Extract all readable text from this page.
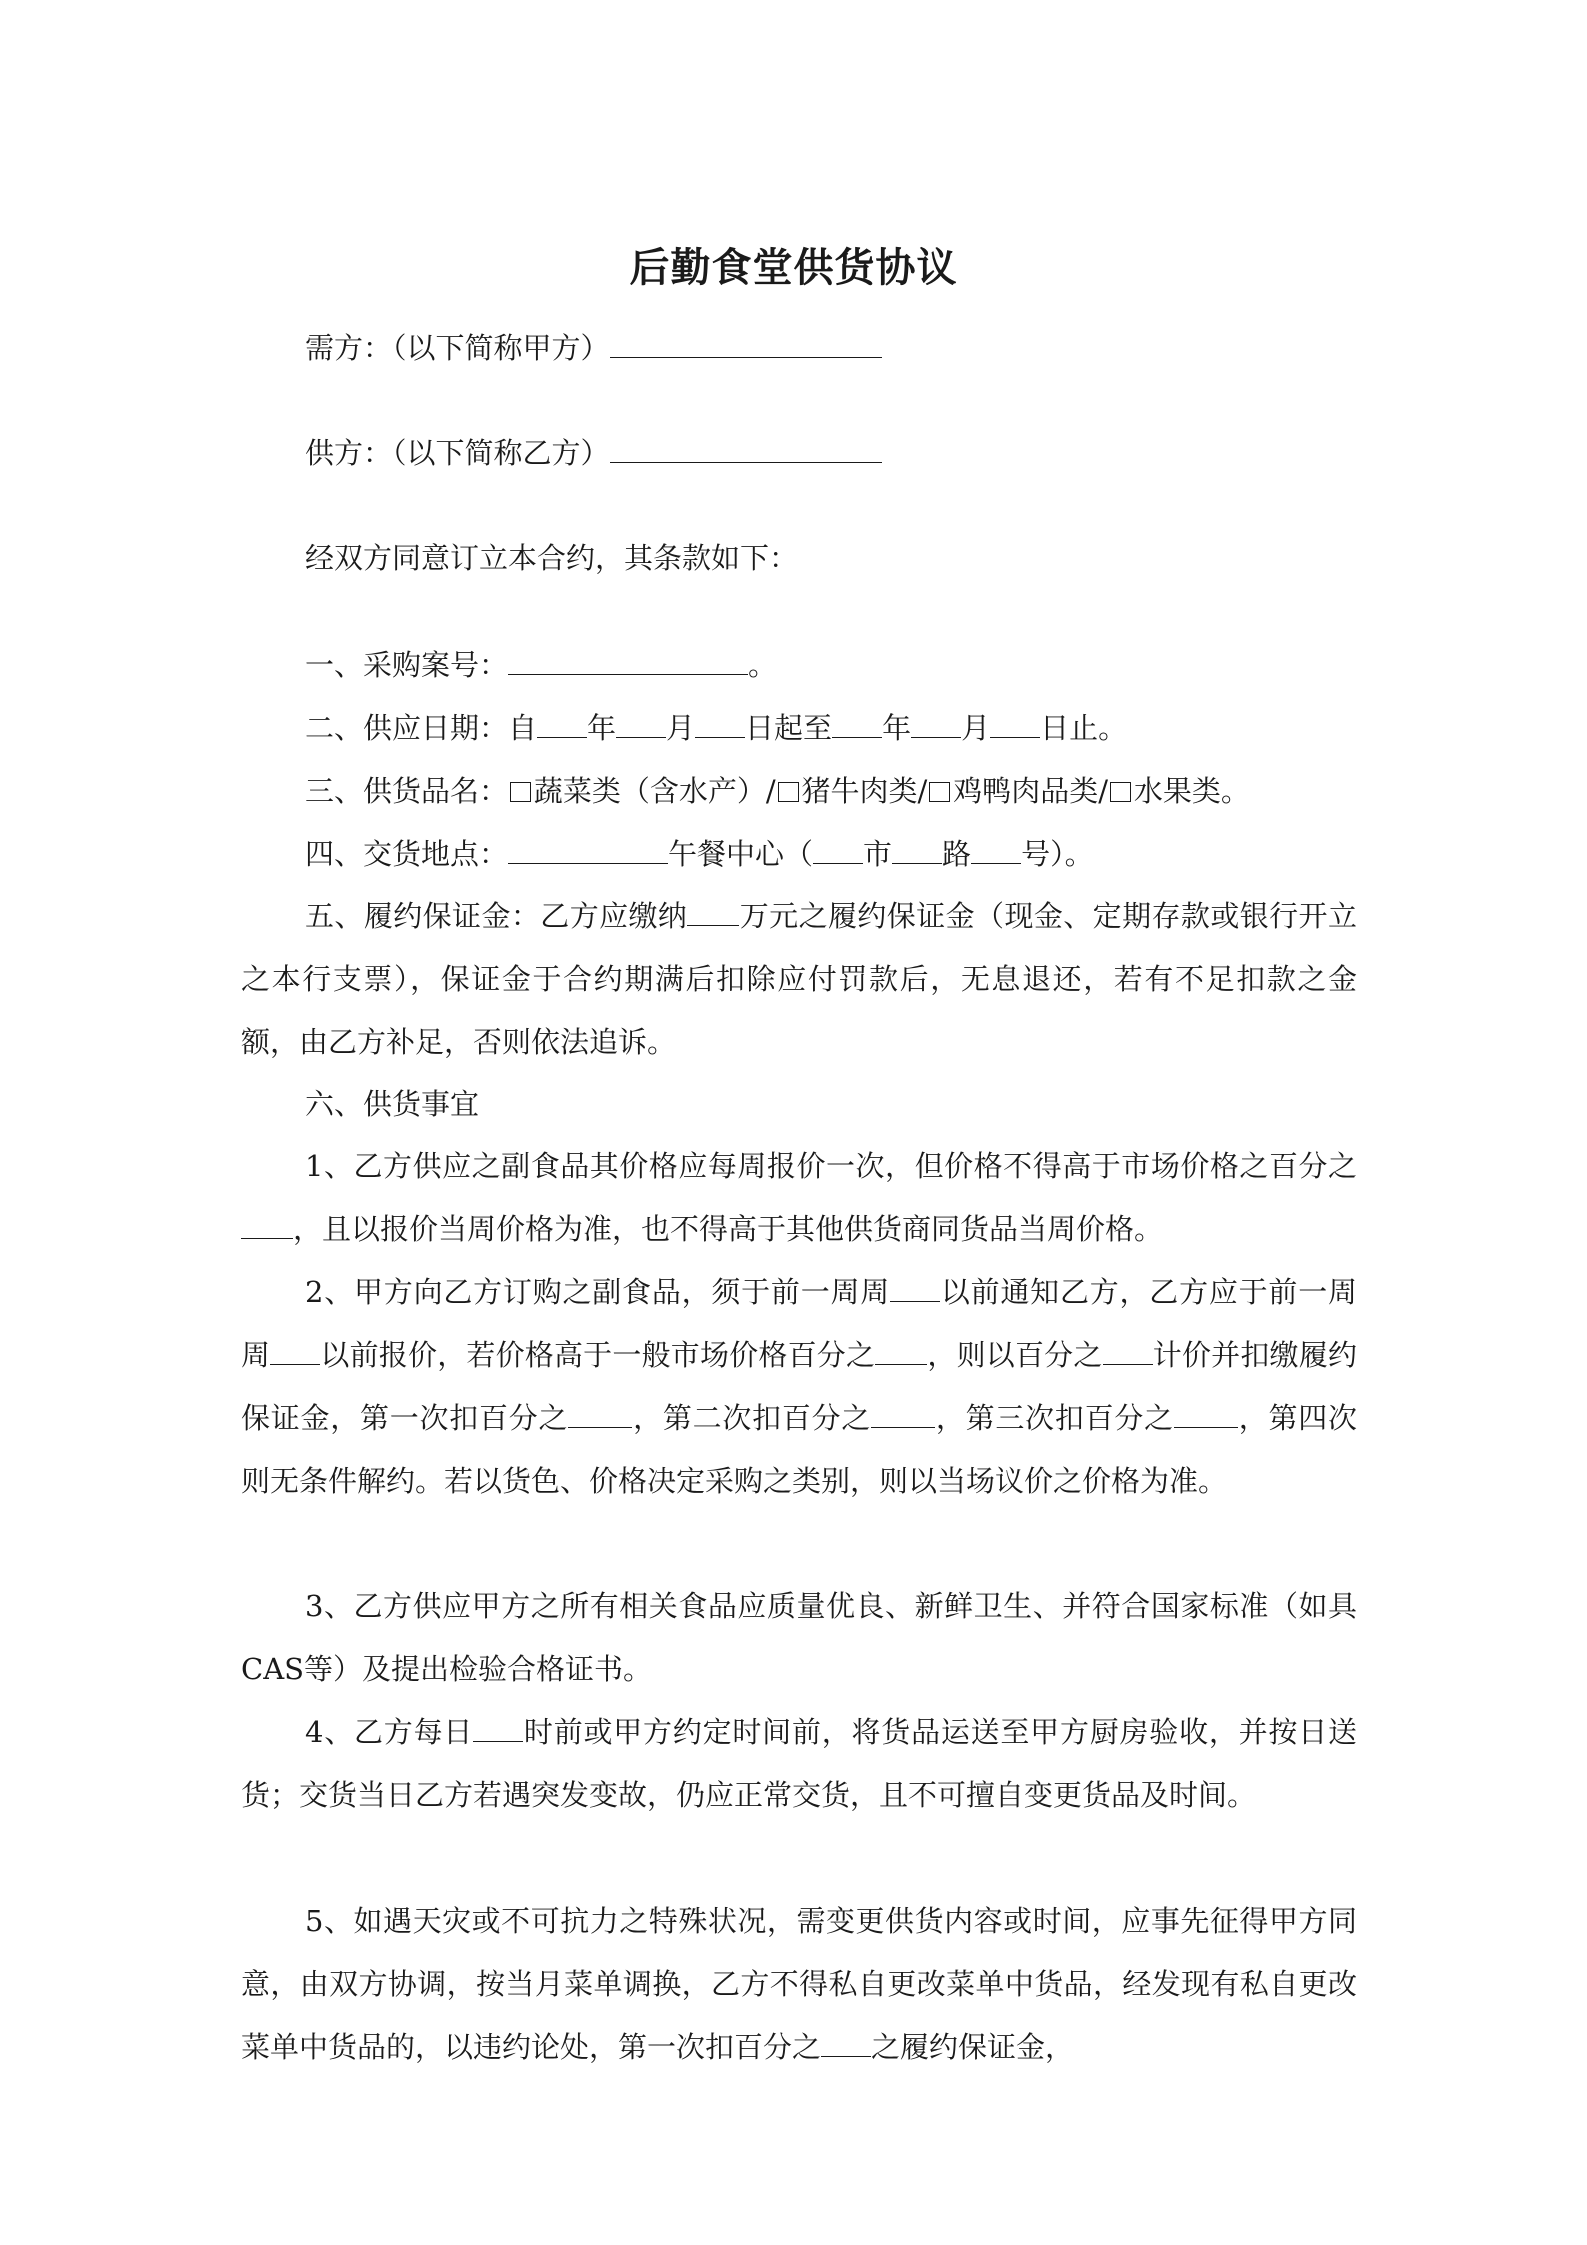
后勤食堂供货协议

需方：（以下简称甲方）

供方：（以下简称乙方）

经双方同意订立本合约，其条款如下：

一、采购案号：	。

二、供应日期：自 年 月 日起至 年 月 日止。

三、供货品名： 蔬菜类（含水产）/ 猪牛肉类/ 鸡鸭肉品类/ 水果类。

四、交货地点：	午餐中心（ 市 路 号）。

五、履约保证金：乙方应缴纳 万元之履约保证金（现金、定期存款或银行开立之本行支票），保证金于合约期满后扣除应付罚款后，无息退还，若有不足扣款之金额，由乙方补足，否则依法追诉。

六、供货事宜

1、乙方供应之副食品其价格应每周报价一次，但价格不得高于市场价格之百分之，且以报价当周价格为准，也不得高于其他供货商同货品当周价格。

2、甲方向乙方订购之副食品，须于前一周周 以前通知乙方，乙方应于前一周周 以前报价，若价格高于一般市场价格百分之 ，则以百分之 计价并扣缴履约保证金，第一次扣百分之 ，第二次扣百分之 ，第三次扣百分之 ，第四次则无条件解约。若以货色、价格决定采购之类别，则以当场议价之价格为准。

3、乙方供应甲方之所有相关食品应质量优良、新鲜卫生、并符合国家标准（如具CAS等）及提出检验合格证书。

4、乙方每日 时前或甲方约定时间前，将货品运送至甲方厨房验收，并按日送货；交货当日乙方若遇突发变故，仍应正常交货，且不可擅自变更货品及时间。

5、如遇天灾或不可抗力之特殊状况，需变更供货内容或时间，应事先征得甲方同意，由双方协调，按当月菜单调换，乙方不得私自更改菜单中货品，经发现有私自更改菜单中货品的，以违约论处，第一次扣百分之 之履约保证金，
